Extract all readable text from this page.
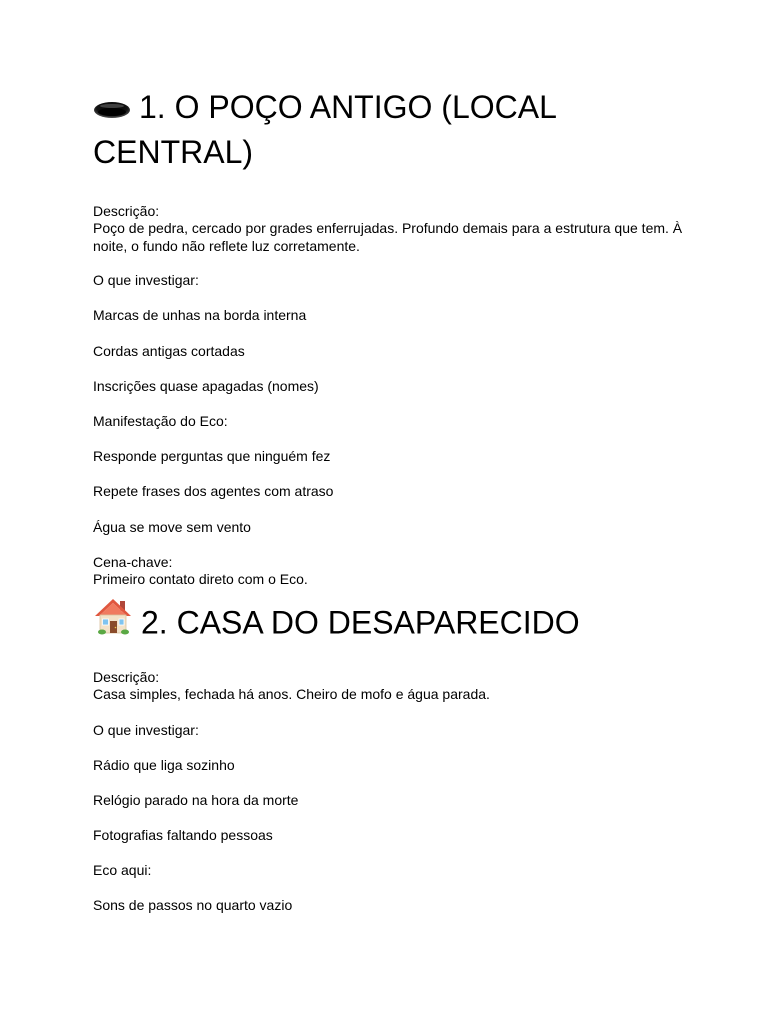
1. O POÇO ANTIGO (LOCAL CENTRAL)

Descrição:

Poço de pedra, cercado por grades enferrujadas. Profundo demais para a estrutura que tem. À noite, o fundo não reflete luz corretamente.

O que investigar:

Marcas de unhas na borda interna

Cordas antigas cortadas

Inscrições quase apagadas (nomes)

Manifestação do Eco:

Responde perguntas que ninguém fez

Repete frases dos agentes com atraso

Água se move sem vento

Cena-chave:

Primeiro contato direto com o Eco.

2. CASA DO DESAPARECIDO

Descrição:

Casa simples, fechada há anos. Cheiro de mofo e água parada.

O que investigar:

Rádio que liga sozinho

Relógio parado na hora da morte

Fotografias faltando pessoas

Eco aqui:

Sons de passos no quarto vazio
